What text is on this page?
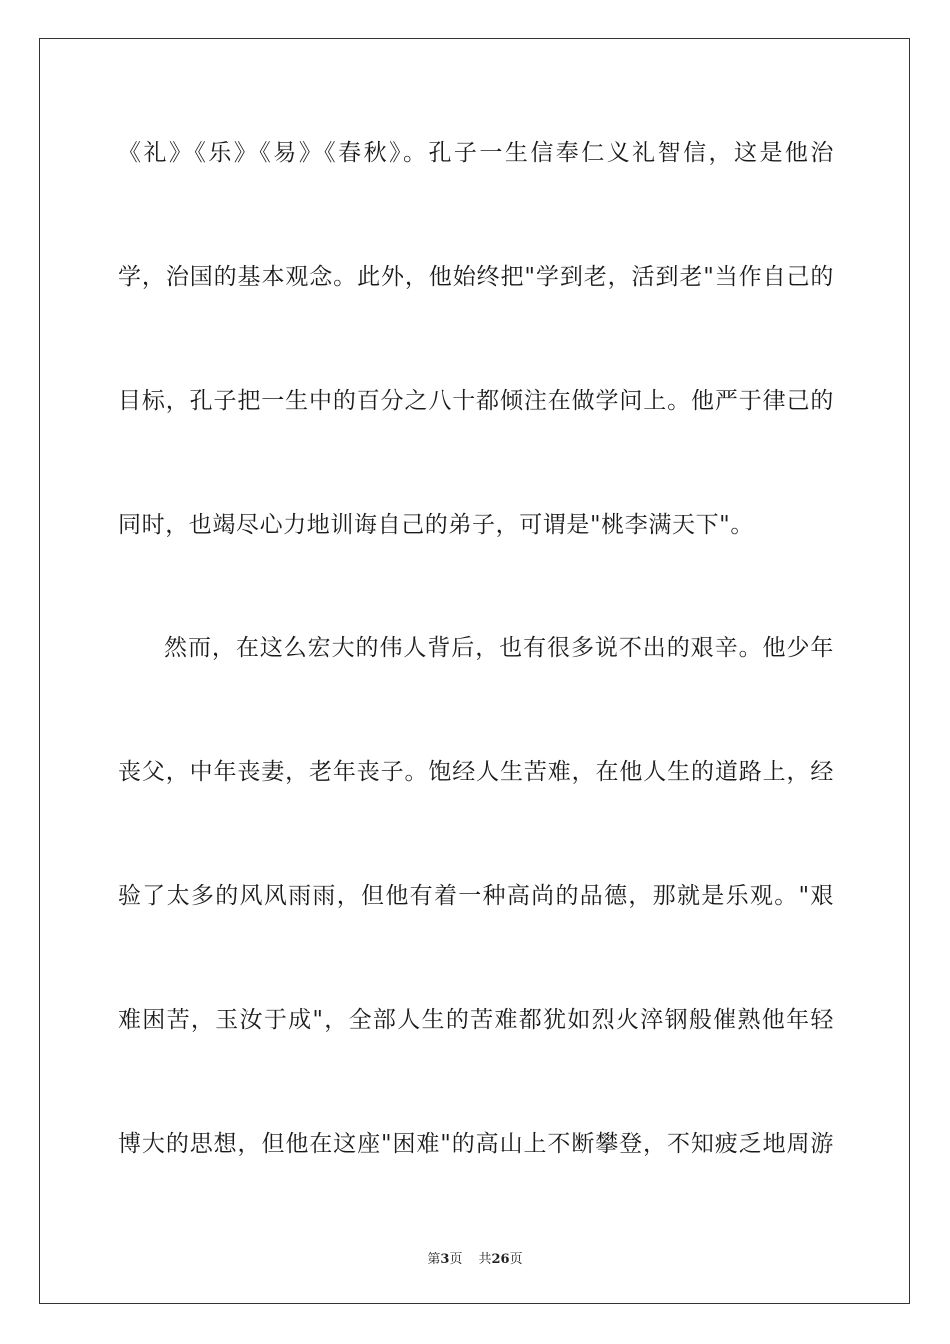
《礼》《乐》《易》《春秋》。孔子一生信奉仁义礼智信，这是他治
学，治国的基本观念。此外，他始终把"学到老，活到老"当作自己的
目标，孔子把一生中的百分之八十都倾注在做学问上。他严于律己的
同时，也竭尽心力地训诲自己的弟子，可谓是"桃李满天下"。
然而，在这么宏大的伟人背后，也有很多说不出的艰辛。他少年
丧父，中年丧妻，老年丧子。饱经人生苦难，在他人生的道路上，经
验了太多的风风雨雨，但他有着一种高尚的品德，那就是乐观。"艰
难困苦，玉汝于成"，全部人生的苦难都犹如烈火淬钢般催熟他年轻
博大的思想，但他在这座"困难"的高山上不断攀登，不知疲乏地周游
第3页 共26页
